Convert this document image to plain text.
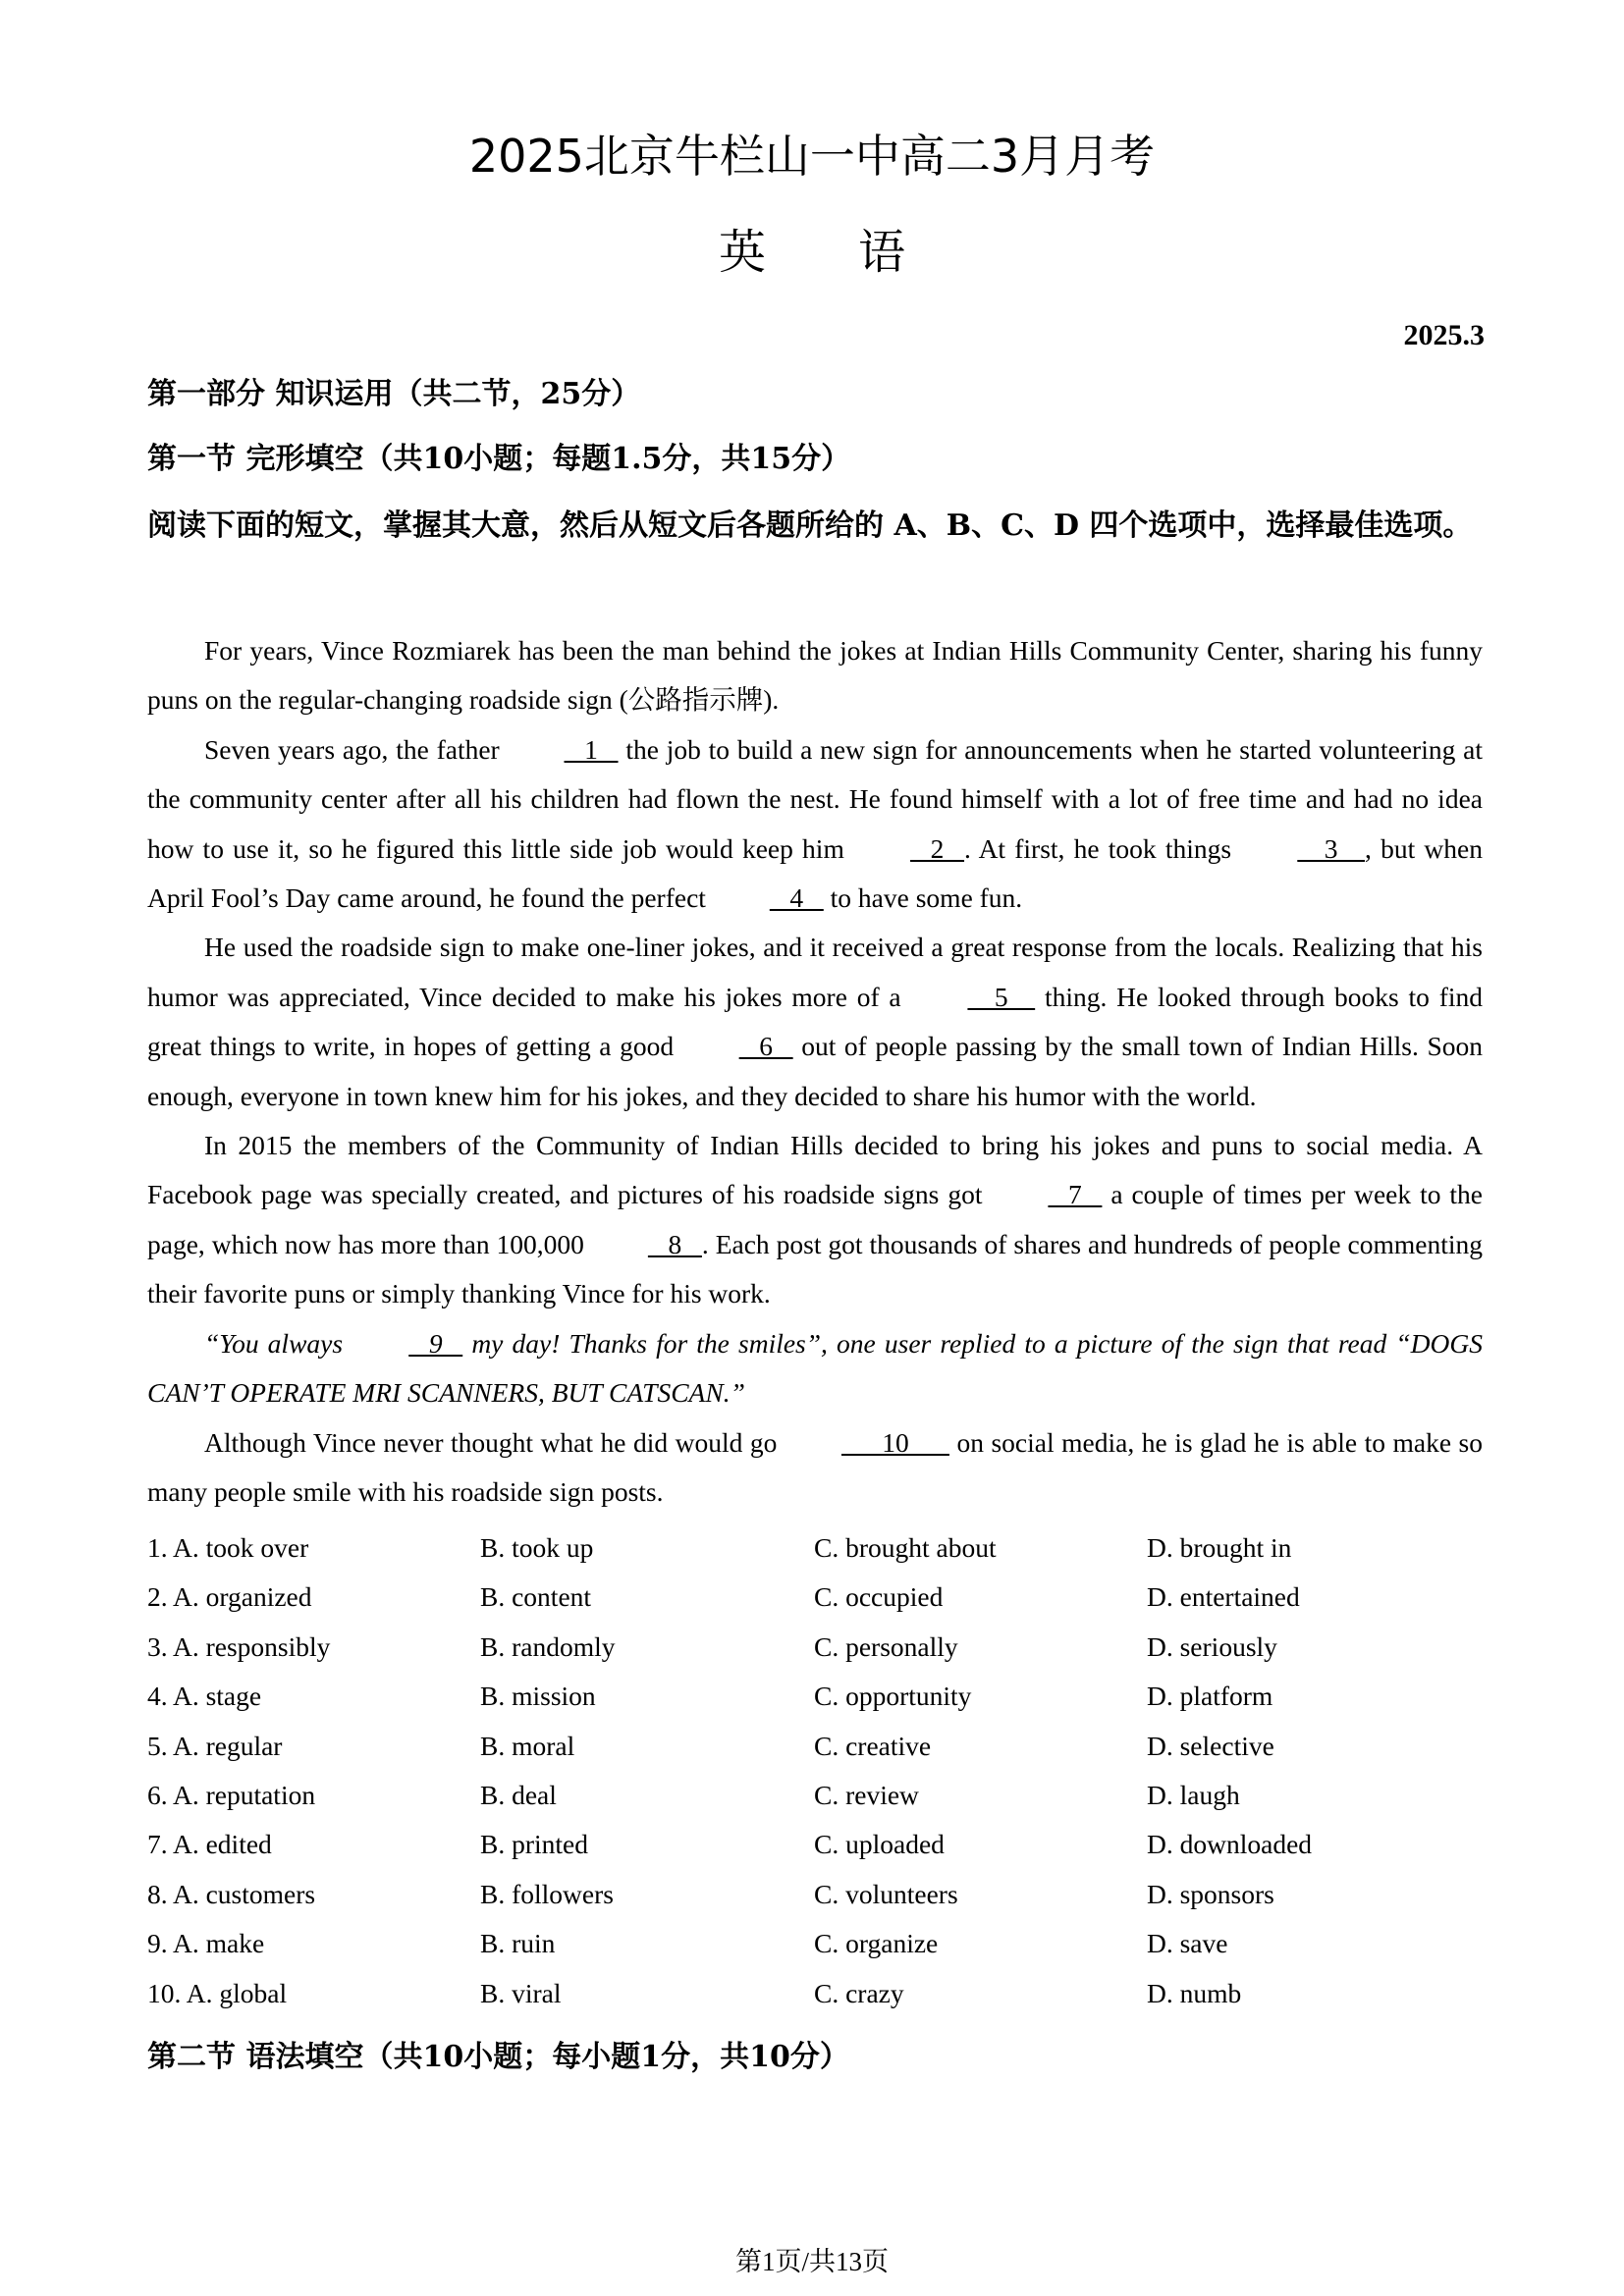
2025北京牛栏山一中高二3月月考
英语
2025.3
第一部分 知识运用（共二节，25分）
第一节 完形填空（共10小题；每题1.5分，共15分）
阅读下面的短文，掌握其大意，然后从短文后各题所给的 A、B、C、D 四个选项中，选择最佳选项。

For years, Vince Rozmiarek has been the man behind the jokes at Indian Hills Community Center, sharing his funny puns on the regular-changing roadside sign (公路指示牌).

Seven years ago, the father    1    the job to build a new sign for announcements when he started volunteering at the community center after all his children had flown the nest. He found himself with a lot of free time and had no idea how to use it, so he figured this little side job would keep him    2   . At first, he took things     3    , but when April Fool’s Day came around, he found the perfect    4    to have some fun.

He used the roadside sign to make one-liner jokes, and it received a great response from the locals. Realizing that his humor was appreciated, Vince decided to make his jokes more of a     5     thing. He looked through books to find great things to write, in hopes of getting a good    6    out of people passing by the small town of Indian Hills. Soon enough, everyone in town knew him for his jokes, and they decided to share his humor with the world.

In 2015 the members of the Community of Indian Hills decided to bring his jokes and puns to social media. A Facebook page was specially created, and pictures of his roadside signs got    7    a couple of times per week to the page, which now has more than 100,000    8   . Each post got thousands of shares and hundreds of people commenting their favorite puns or simply thanking Vince for his work.

“You always    9    my day! Thanks for the smiles”, one user replied to a picture of the sign that read “DOGS CAN’T OPERATE MRI SCANNERS, BUT CATSCAN.”

Although Vince never thought what he did would go       10       on social media, he is glad he is able to make so many people smile with his roadside sign posts.

1. A. took over	B. took up	C. brought about	D. brought in
2. A. organized	B. content	C. occupied	D. entertained
3. A. responsibly	B. randomly	C. personally	D. seriously
4. A. stage	B. mission	C. opportunity	D. platform
5. A. regular	B. moral	C. creative	D. selective
6. A. reputation	B. deal	C. review	D. laugh
7. A. edited	B. printed	C. uploaded	D. downloaded
8. A. customers	B. followers	C. volunteers	D. sponsors
9. A. make	B. ruin	C. organize	D. save
10. A. global	B. viral	C. crazy	D. numb
第二节 语法填空（共10小题；每小题1分，共10分）
第1页/共13页
